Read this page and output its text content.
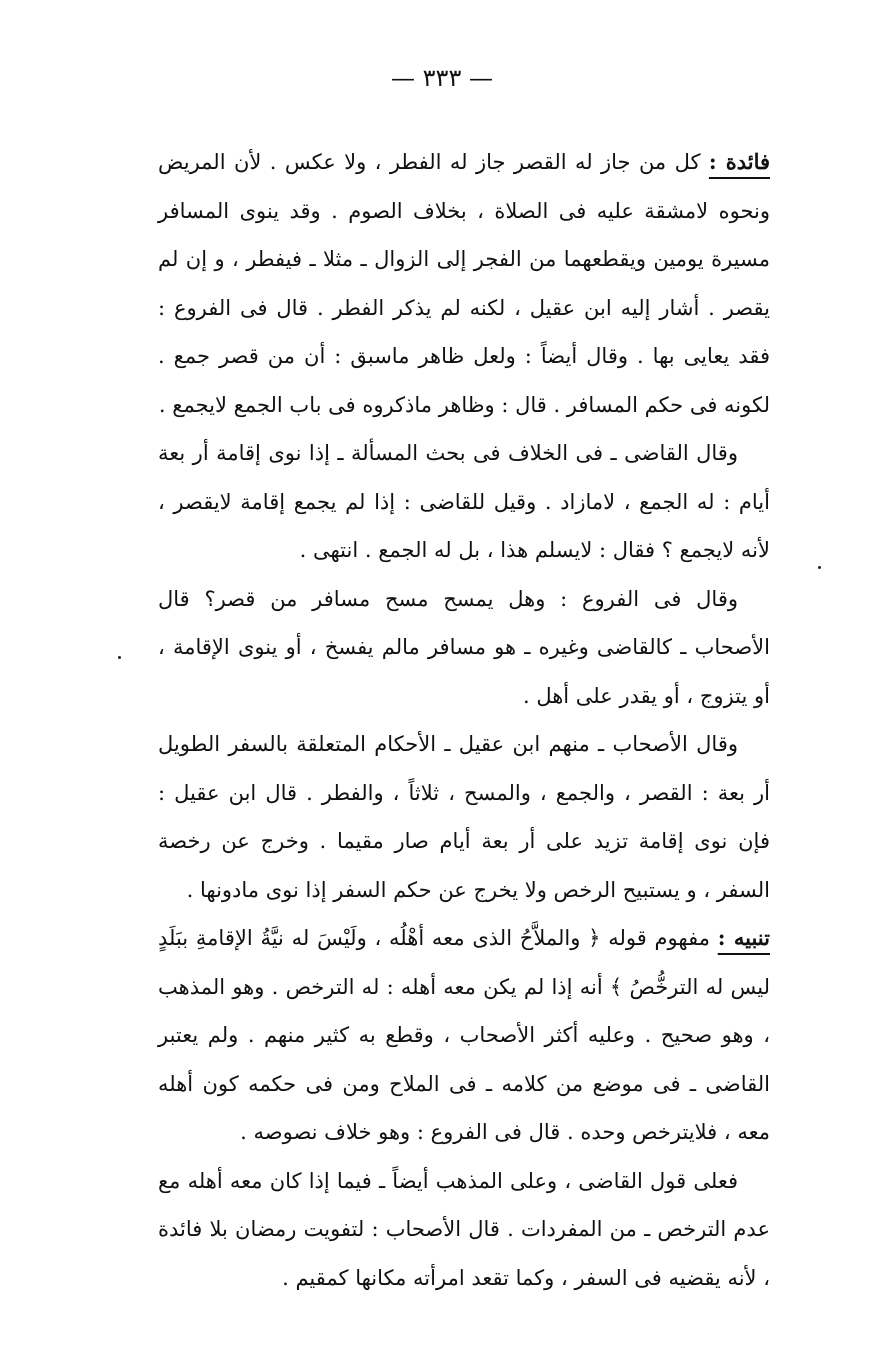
— ٣٣٣ —

فائدة : كل من جاز له القصر جاز له الفطر ، ولا عكس . لأن المريض ونحوه لامشقة عليه فى الصلاة ، بخلاف الصوم . وقد ينوى المسافر مسيرة يومين ويقطعهما من الفجر إلى الزوال ـ مثلا ـ فيفطر ، و إن لم يقصر . أشار إليه ابن عقيل ، لكنه لم يذكر الفطر . قال فى الفروع : فقد يعايى بها . وقال أيضاً : ولعل ظاهر ماسبق : أن من قصر جمع . لكونه فى حكم المسافر . قال : وظاهر ماذكروه فى باب الجمع لايجمع .

وقال القاضى ـ فى الخلاف فى بحث المسألة ـ إذا نوى إقامة أر بعة أيام : له الجمع ، لامازاد . وقيل للقاضى : إذا لم يجمع إقامة لايقصر ، لأنه لايجمع ؟ فقال : لايسلم هذا ، بل له الجمع . انتهى .

وقال فى الفروع : وهل يمسح مسح مسافر من قصر؟ قال الأصحاب ـ كالقاضى وغيره ـ هو مسافر مالم يفسخ ، أو ينوى الإقامة ، أو يتزوج ، أو يقدر على أهل .

وقال الأصحاب ـ منهم ابن عقيل ـ الأحكام المتعلقة بالسفر الطويل أر بعة : القصر ، والجمع ، والمسح ، ثلاثاً ، والفطر . قال ابن عقيل : فإن نوى إقامة تزيد على أر بعة أيام صار مقيما . وخرج عن رخصة السفر ، و يستبيح الرخص ولا يخرج عن حكم السفر إذا نوى مادونها .

تنبيه : مفهوم قوله ﴿ والملاَّحُ الذى معه أهْلُه ، ولَيْسَ له نيَّةُ الإقامةِ ببَلَدٍ ليس له الترخُّصُ ﴾ أنه إذا لم يكن معه أهله : له الترخص . وهو المذهب ، وهو صحيح . وعليه أكثر الأصحاب ، وقطع به كثير منهم . ولم يعتبر القاضى ـ فى موضع من كلامه ـ فى الملاح ومن فى حكمه كون أهله معه ، فلايترخص وحده . قال فى الفروع : وهو خلاف نصوصه .

فعلى قول القاضى ، وعلى المذهب أيضاً ـ فيما إذا كان معه أهله مع عدم الترخص ـ من المفردات . قال الأصحاب : لتفويت رمضان بلا فائدة ، لأنه يقضيه فى السفر ، وكما تقعد امرأته مكانها كمقيم .
